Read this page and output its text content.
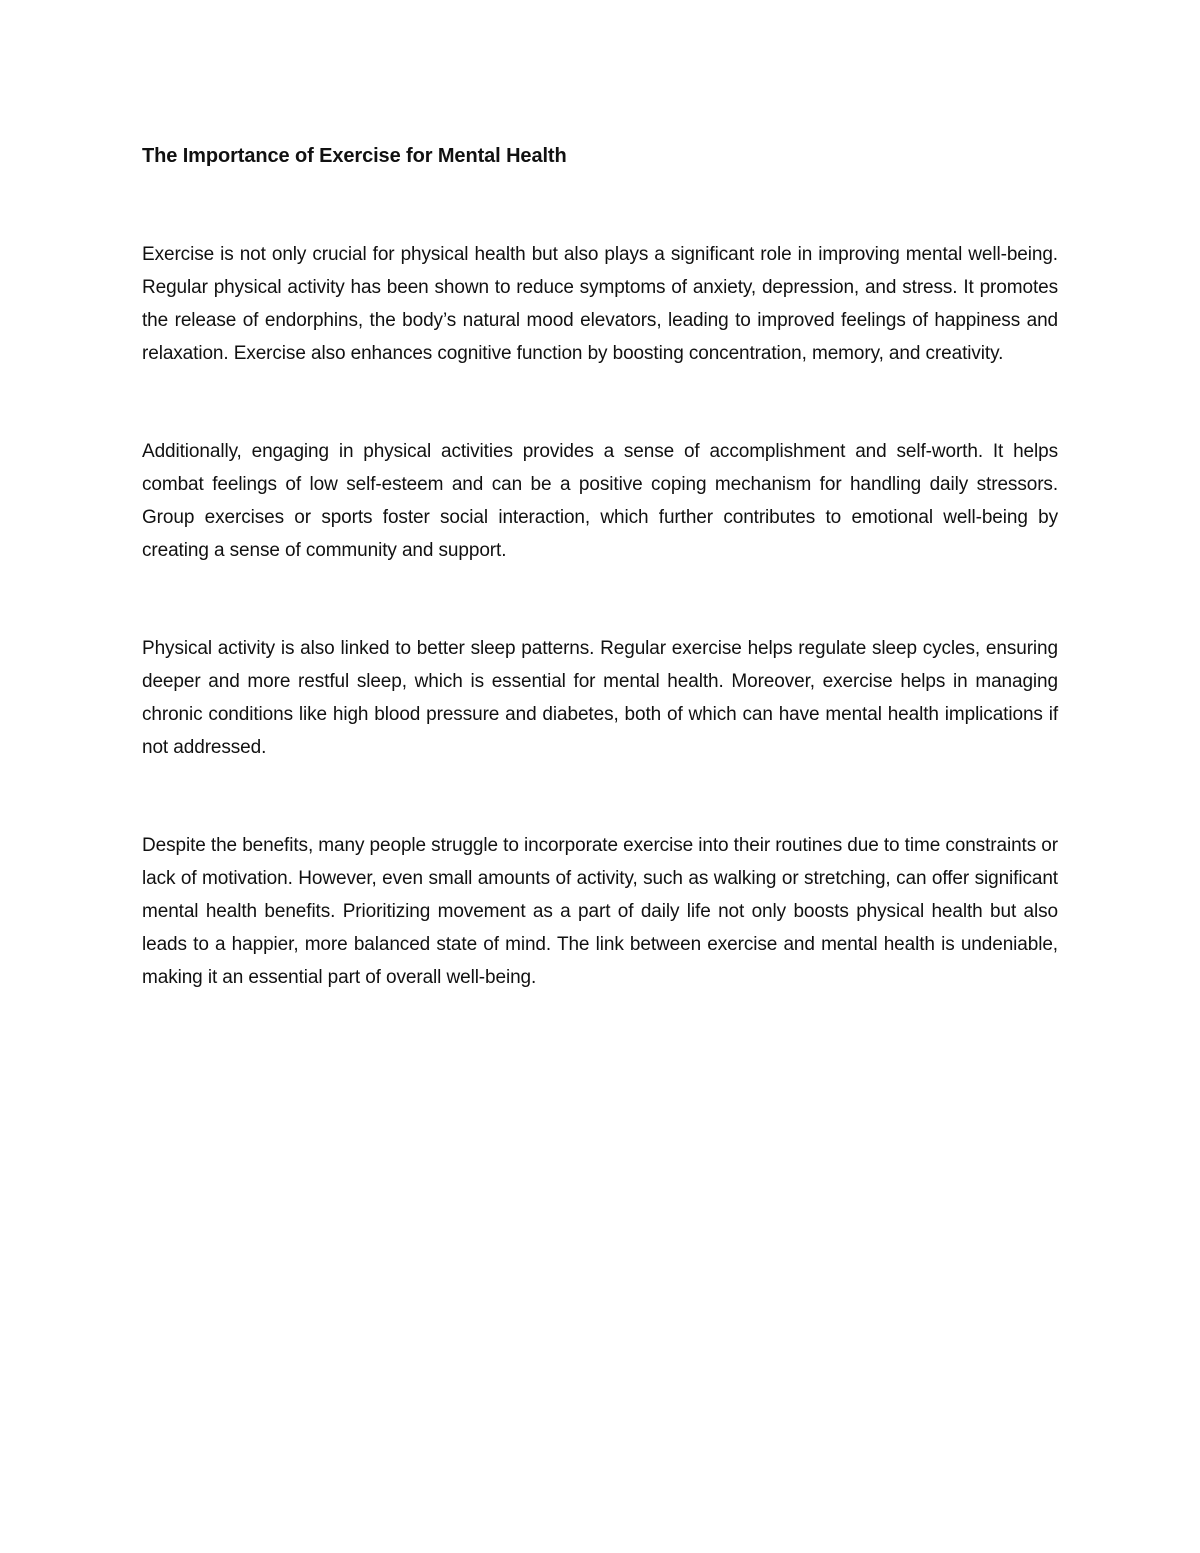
The Importance of Exercise for Mental Health

Exercise is not only crucial for physical health but also plays a significant role in improving mental well-being. Regular physical activity has been shown to reduce symptoms of anxiety, depression, and stress. It promotes the release of endorphins, the body’s natural mood elevators, leading to improved feelings of happiness and relaxation. Exercise also enhances cognitive function by boosting concentration, memory, and creativity.

Additionally, engaging in physical activities provides a sense of accomplishment and self-worth. It helps combat feelings of low self-esteem and can be a positive coping mechanism for handling daily stressors. Group exercises or sports foster social interaction, which further contributes to emotional well-being by creating a sense of community and support.

Physical activity is also linked to better sleep patterns. Regular exercise helps regulate sleep cycles, ensuring deeper and more restful sleep, which is essential for mental health. Moreover, exercise helps in managing chronic conditions like high blood pressure and diabetes, both of which can have mental health implications if not addressed.

Despite the benefits, many people struggle to incorporate exercise into their routines due to time constraints or lack of motivation. However, even small amounts of activity, such as walking or stretching, can offer significant mental health benefits. Prioritizing movement as a part of daily life not only boosts physical health but also leads to a happier, more balanced state of mind. The link between exercise and mental health is undeniable, making it an essential part of overall well-being.
